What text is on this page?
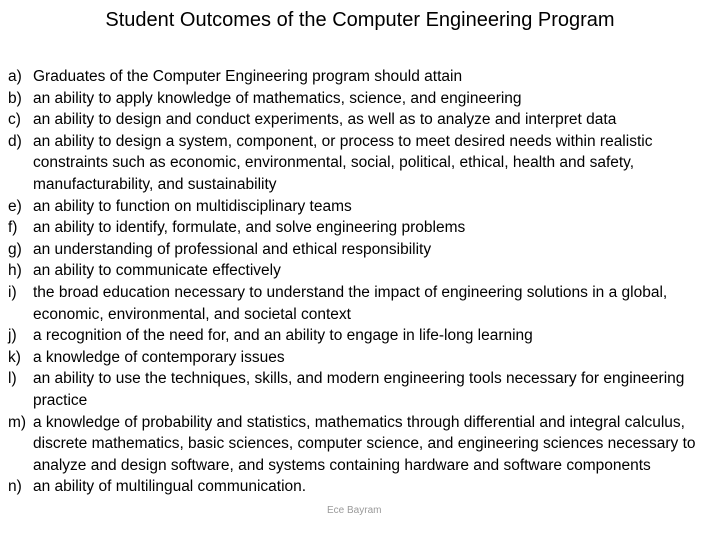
Student Outcomes of the Computer Engineering Program
a) Graduates of the Computer Engineering program should attain
b) an ability to apply knowledge of mathematics, science, and engineering
c) an ability to design and conduct experiments, as well as to analyze and interpret data
d) an ability to design a system, component, or process to meet desired needs within realistic constraints such as economic, environmental, social, political, ethical, health and safety, manufacturability, and sustainability
e) an ability to function on multidisciplinary teams
f)	an ability to identify, formulate, and solve engineering problems
g) an understanding of professional and ethical responsibility
h) an ability to communicate effectively
i)	the broad education necessary to understand the impact of engineering solutions in a global, economic, environmental, and societal context
j)	a recognition of the need for, and an ability to engage in life-long learning
k) a knowledge of contemporary issues
l)	an ability to use the techniques, skills, and modern engineering tools necessary for engineering practice
m) a knowledge of probability and statistics, mathematics through differential and integral calculus, discrete mathematics, basic sciences, computer science, and engineering sciences necessary to analyze and design software, and systems containing hardware and software components
n) an ability of multilingual communication.
Ece Bayram
